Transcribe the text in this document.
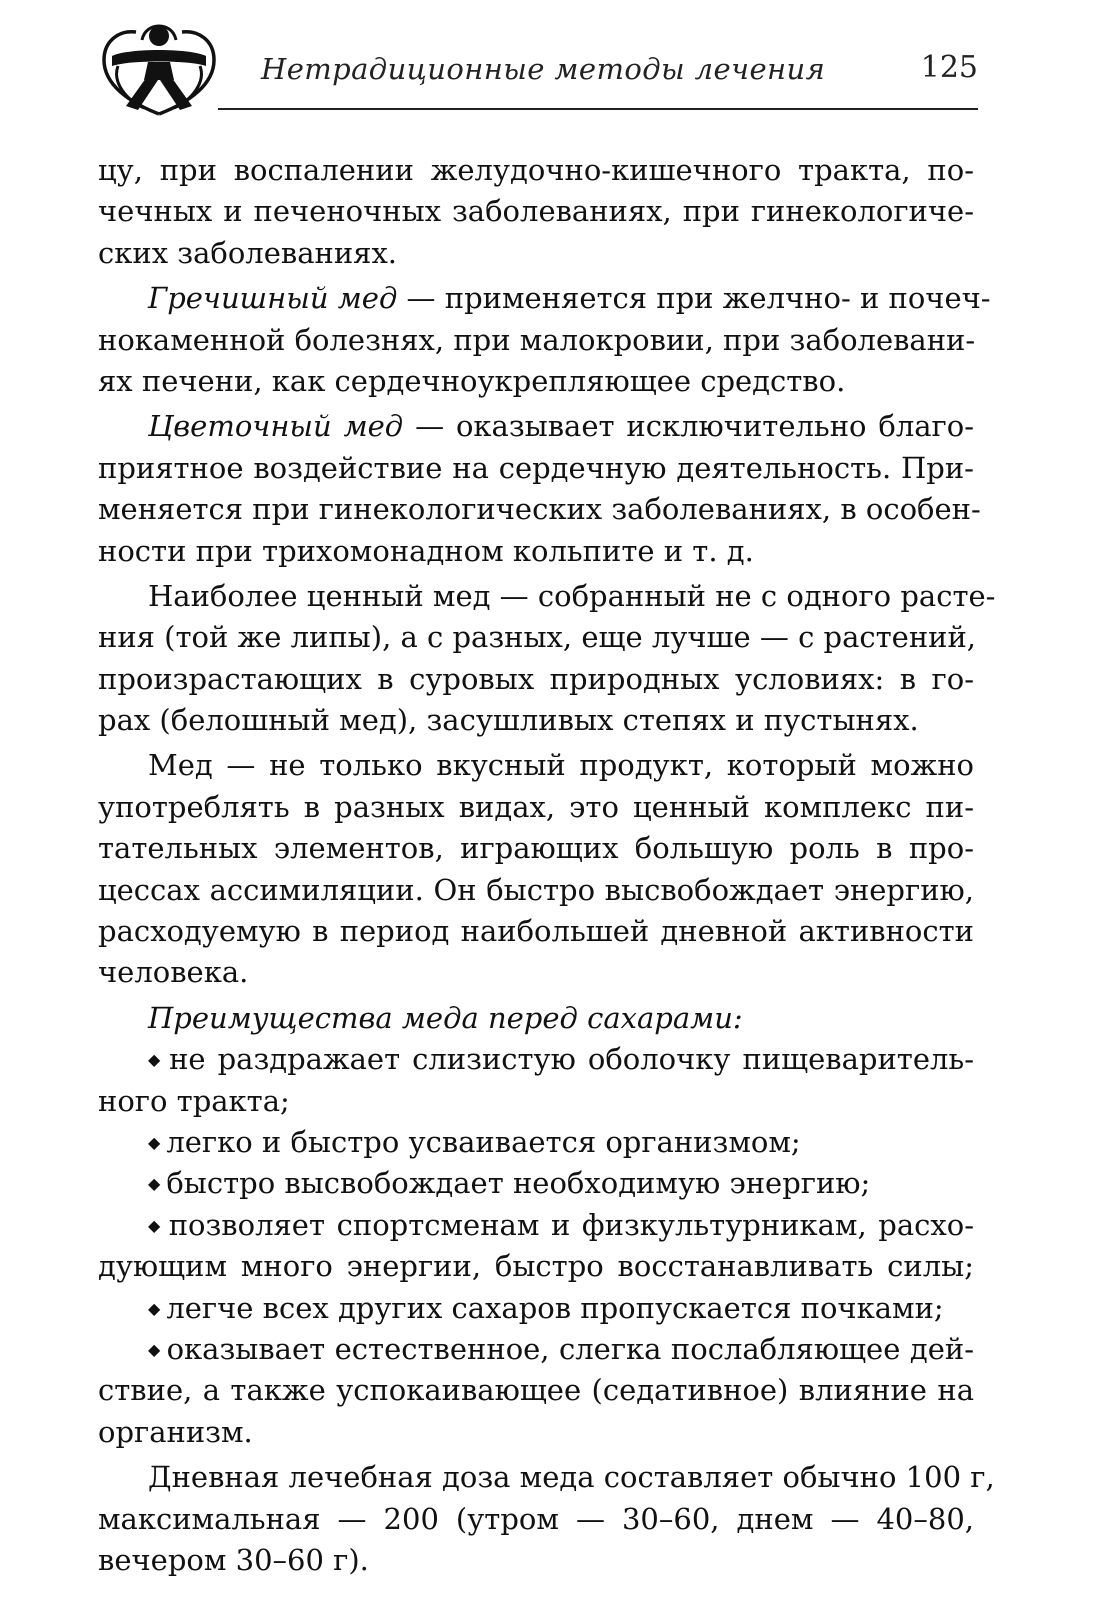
Нетрадиционные методы лечения	125
цу, при воспалении желудочно-кишечного тракта, по-
чечных и печеночных заболеваниях, при гинекологиче-
ских заболеваниях.
Гречишный мед — применяется при желчно- и почеч-
нокаменной болезнях, при малокровии, при заболевани-
ях печени, как сердечноукрепляющее средство.
Цветочный мед — оказывает исключительно благо-
приятное воздействие на сердечную деятельность. При-
меняется при гинекологических заболеваниях, в особен-
ности при трихомонадном кольпите и т. д.
Наиболее ценный мед — собранный не с одного расте-
ния (той же липы), а с разных, еще лучше — с растений,
произрастающих в суровых природных условиях: в го-
рах (белошный мед), засушливых степях и пустынях.
Мед — не только вкусный продукт, который можно
употреблять в разных видах, это ценный комплекс пи-
тательных элементов, играющих большую роль в про-
цессах ассимиляции. Он быстро высвобождает энергию,
расходуемую в период наибольшей дневной активности
человека.
Преимущества меда перед сахарами:
◆ не раздражает слизистую оболочку пищеваритель-
ного тракта;
◆ легко и быстро усваивается организмом;
◆ быстро высвобождает необходимую энергию;
◆ позволяет спортсменам и физкультурникам, расхо-
дующим много энергии, быстро восстанавливать силы;
◆ легче всех других сахаров пропускается почками;
◆ оказывает естественное, слегка послабляющее дей-
ствие, а также успокаивающее (седативное) влияние на
организм.
Дневная лечебная доза меда составляет обычно 100 г,
максимальная — 200 (утром — 30–60, днем — 40–80,
вечером 30–60 г).
